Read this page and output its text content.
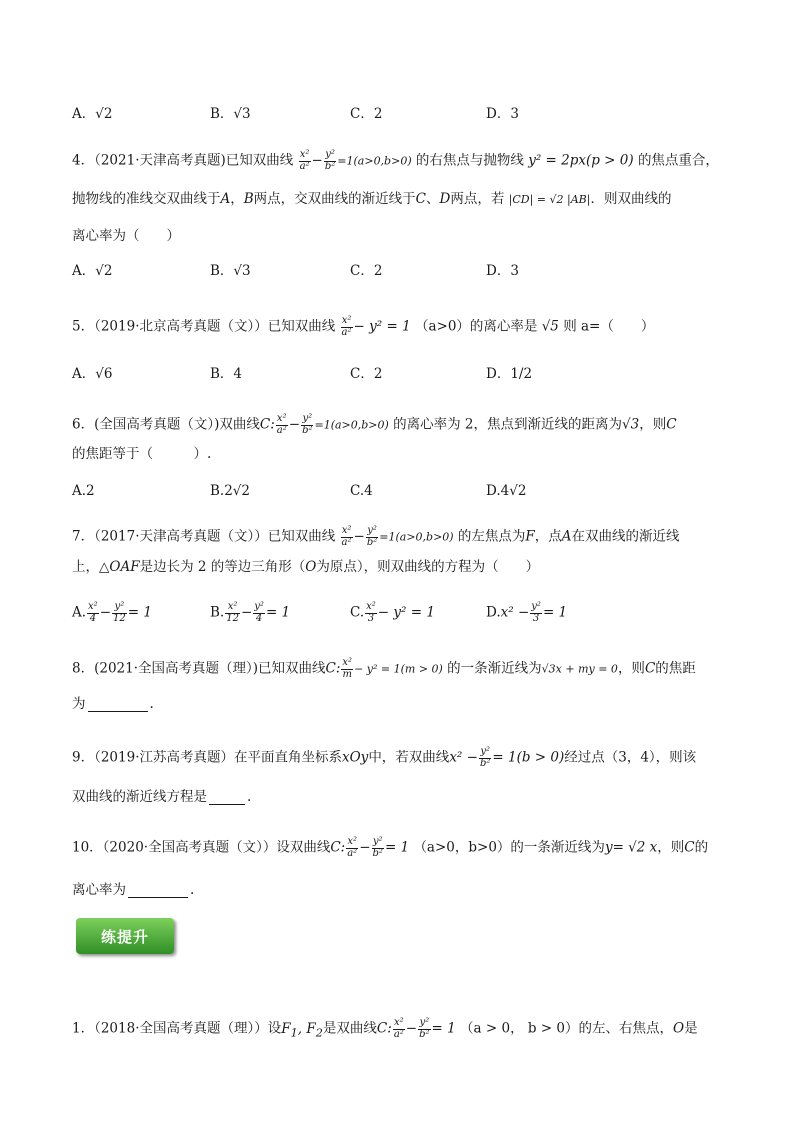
A．√2	B．√3	C．2	D．3
4．（2021·天津高考真题)已知双曲线 $\frac{\text{x²}}{\text{a²}} - \frac{\text{y²}}{\text{b²}} =1(a>0,b>0)$ 的右焦点与抛物线 y² = 2px(p > 0) 的焦点重合，
抛物线的准线交双曲线于A，B两点，交双曲线的渐近线于C、D两点，若 |CD| = √2 |AB|．则双曲线的
离心率为（　　）
A．√2	B．√3	C．2	D．3
5．（2019·北京高考真题（文））已知双曲线 $\frac{\text{x²}}{\text{a²}} - y^2 = 1$ （a>0）的离心率是 √5 则 a=（　　）
A．√6	B．4	C．2	D．1/2
6．(全国高考真题（文）)双曲线C: $\frac{\text{x²}}{\text{a²}} - \frac{\text{y²}}{\text{b²}} =1(a>0,b>0)$ 的离心率为 2，焦点到渐近线的距离为√3，则C
的焦距等于（　　　）.
A.2	B.2√2	C.4	D.4√2
7．（2017·天津高考真题（文））已知双曲线 $\frac{\text{x²}}{\text{a²}} - \frac{\text{y²}}{\text{b²}} =1(a>0,b>0)$ 的左焦点为F，点A在双曲线的渐近线
上，△OAF是边长为 2 的等边三角形（O为原点），则双曲线的方程为（　　）
A. $\frac{\text{x²}}{4} - \frac{\text{y²}}{12} = 1$	B. $\frac{\text{x²}}{12} - \frac{\text{y²}}{4} = 1$	C. $\frac{\text{x²}}{3} - y^2 = 1$	$D.x^2 - \frac{\text{y²}}{3} = 1$
8．(2021·全国高考真题（理）)已知双曲线C: $\frac{\text{x²}}{m} - y^2 = 1(m > 0)$ 的一条渐近线为√3x + my = 0，则C的焦距
为	.
9．（2019·江苏高考真题）在平面直角坐标系xOy中，若双曲线$x^2 - \frac{\text{y²}}{\text{b²}} = 1(b > 0)$经过点（3，4），则该
双曲线的渐近线方程是	.
10．（2020·全国高考真题（文））设双曲线C: $\frac{\text{x²}}{\text{a²}} - \frac{\text{y²}}{\text{b²}} = 1$ （a>0，b>0）的一条渐近线为y= √2 x，则C的
离心率为	.
练提升
1．（2018·全国高考真题（理））设$F_1$, $F_2$是双曲线C: $\frac{\text{x²}}{\text{a²}} - \frac{\text{y²}}{\text{b²}} = 1$ （a > 0， b > 0）的左、右焦点，O是
